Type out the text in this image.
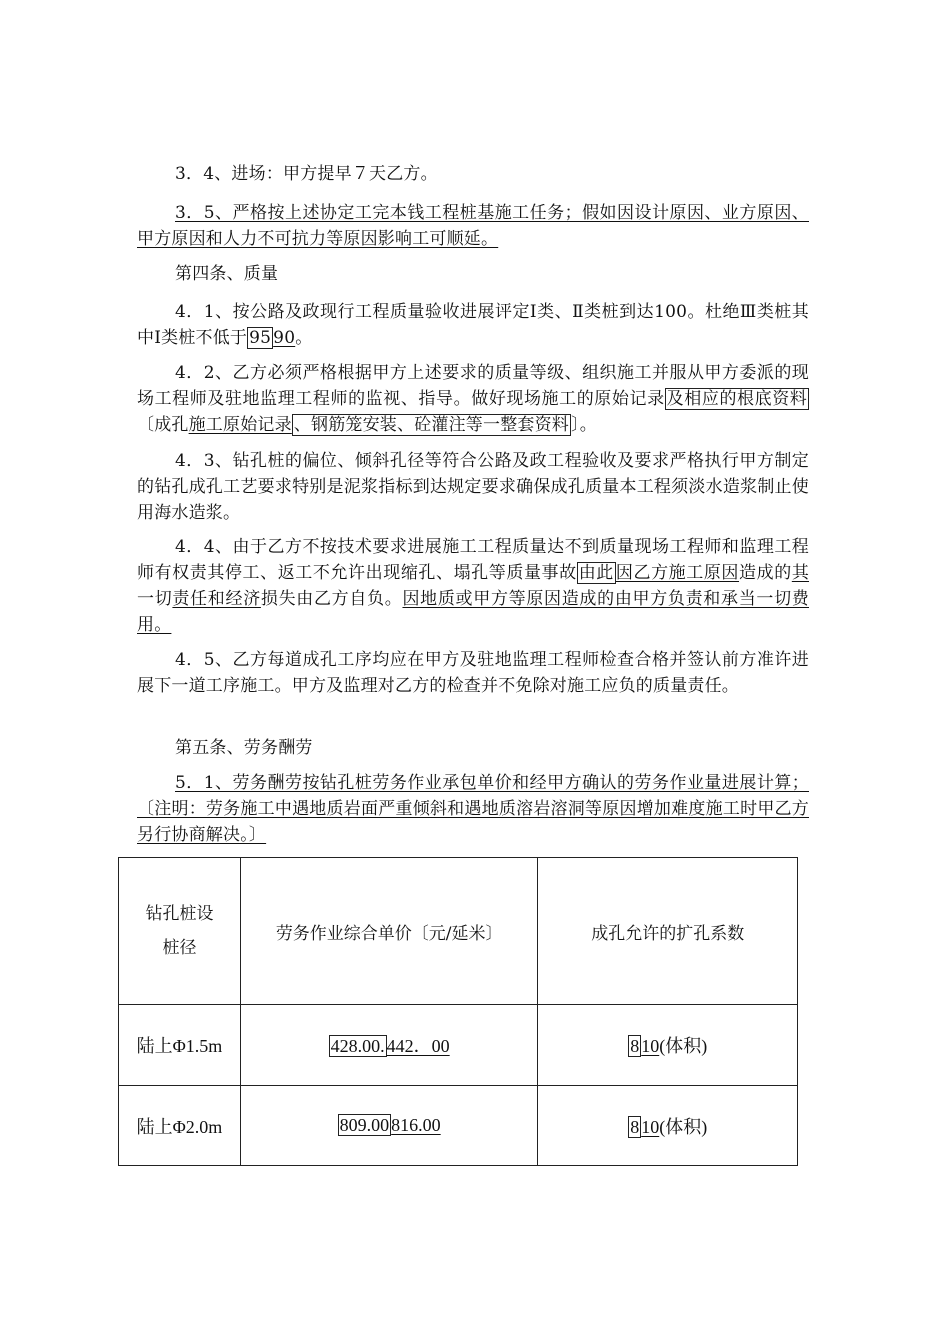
3．4、进场：甲方提早７天乙方。
3．5、严格按上述协定工完本钱工程桩基施工任务；假如因设计原因、业方原因、甲方原因和人力不可抗力等原因影响工可顺延。
第四条、质量
4．1、按公路及政现行工程质量验收进展评定Ⅰ类、Ⅱ类桩到达100。杜绝Ⅲ类桩其中Ⅰ类桩不低于 95 90。
4．2、乙方必须严格根据甲方上述要求的质量等级、组织施工并服从甲方委派的现场工程师及驻地监理工程师的监视、指导。做好现场施工的原始记录 及相应的根底资料〔成孔施工原始记录 、钢筋笼安装、砼灌注等一整套资料 〕。
4．3、钻孔桩的偏位、倾斜孔径等符合公路及政工程验收及要求严格执行甲方制定的钻孔成孔工艺要求特别是泥浆指标到达规定要求确保成孔质量本工程须淡水造浆制止使用海水造浆。
4．4、由于乙方不按技术要求进展施工工程质量达不到质量现场工程师和监理工程师有权责其停工、返工不允许出现缩孔、塌孔等质量事故 由此 因乙方施工原因造成的其一切责任和经济损失由乙方自负。因地质或甲方等原因造成的由甲方负责和承当一切费用。
4．5、乙方每道成孔工序均应在甲方及驻地监理工程师检查合格并签认前方准许进展下一道工序施工。甲方及监理对乙方的检查并不免除对施工应负的质量责任。
第五条、劳务酬劳
5．1、劳务酬劳按钻孔桩劳务作业承包单价和经甲方确认的劳务作业量进展计算；〔注明：劳务施工中遇地质岩面严重倾斜和遇地质溶岩溶洞等原因增加难度施工时甲乙方另行协商解决。〕
钻孔桩设桩径	劳务作业综合单价〔元/延米〕	成孔允许的扩孔系数
陆上Φ1.5m	428.00. 442．00	8 10(体积)
陆上Φ2.0m	809.00 816.00	8 10(体积)
